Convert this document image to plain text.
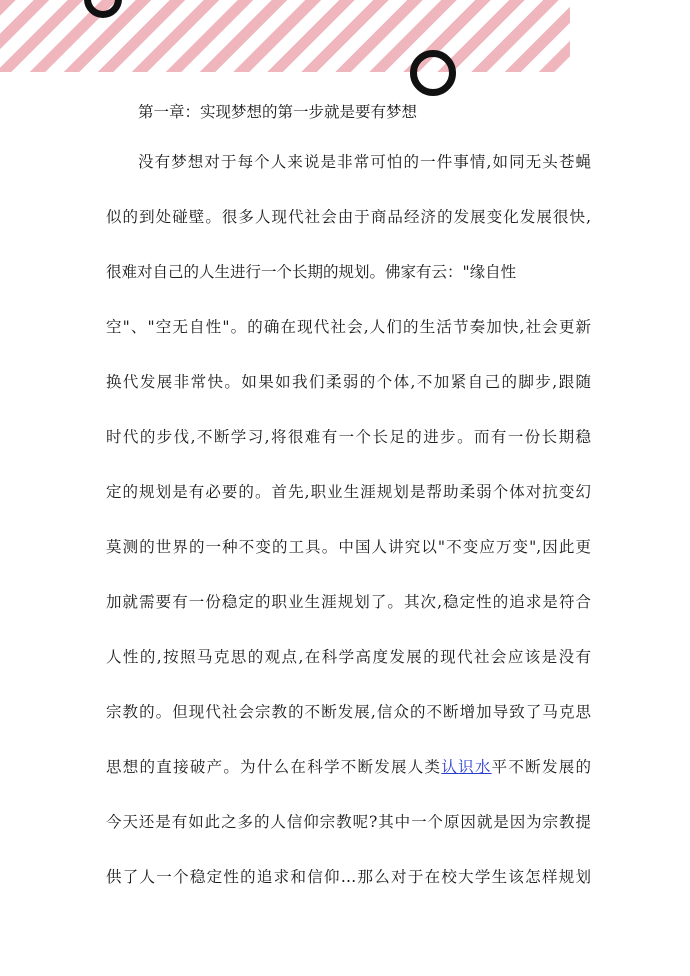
第一章：实现梦想的第一步就是要有梦想
没有梦想对于每个人来说是非常可怕的一件事情,如同无头苍蝇
似的到处碰壁。很多人现代社会由于商品经济的发展变化发展很快,
很难对自己的人生进行一个长期的规划。佛家有云："缘自性
空"、"空无自性"。的确在现代社会,人们的生活节奏加快,社会更新
换代发展非常快。如果如我们柔弱的个体,不加紧自己的脚步,跟随
时代的步伐,不断学习,将很难有一个长足的进步。而有一份长期稳
定的规划是有必要的。首先,职业生涯规划是帮助柔弱个体对抗变幻
莫测的世界的一种不变的工具。中国人讲究以"不变应万变",因此更
加就需要有一份稳定的职业生涯规划了。其次,稳定性的追求是符合
人性的,按照马克思的观点,在科学高度发展的现代社会应该是没有
宗教的。但现代社会宗教的不断发展,信众的不断增加导致了马克思
思想的直接破产。为什么在科学不断发展人类认识水平不断发展的
今天还是有如此之多的人信仰宗教呢?其中一个原因就是因为宗教提
供了人一个稳定性的追求和信仰…那么对于在校大学生该怎样规划
